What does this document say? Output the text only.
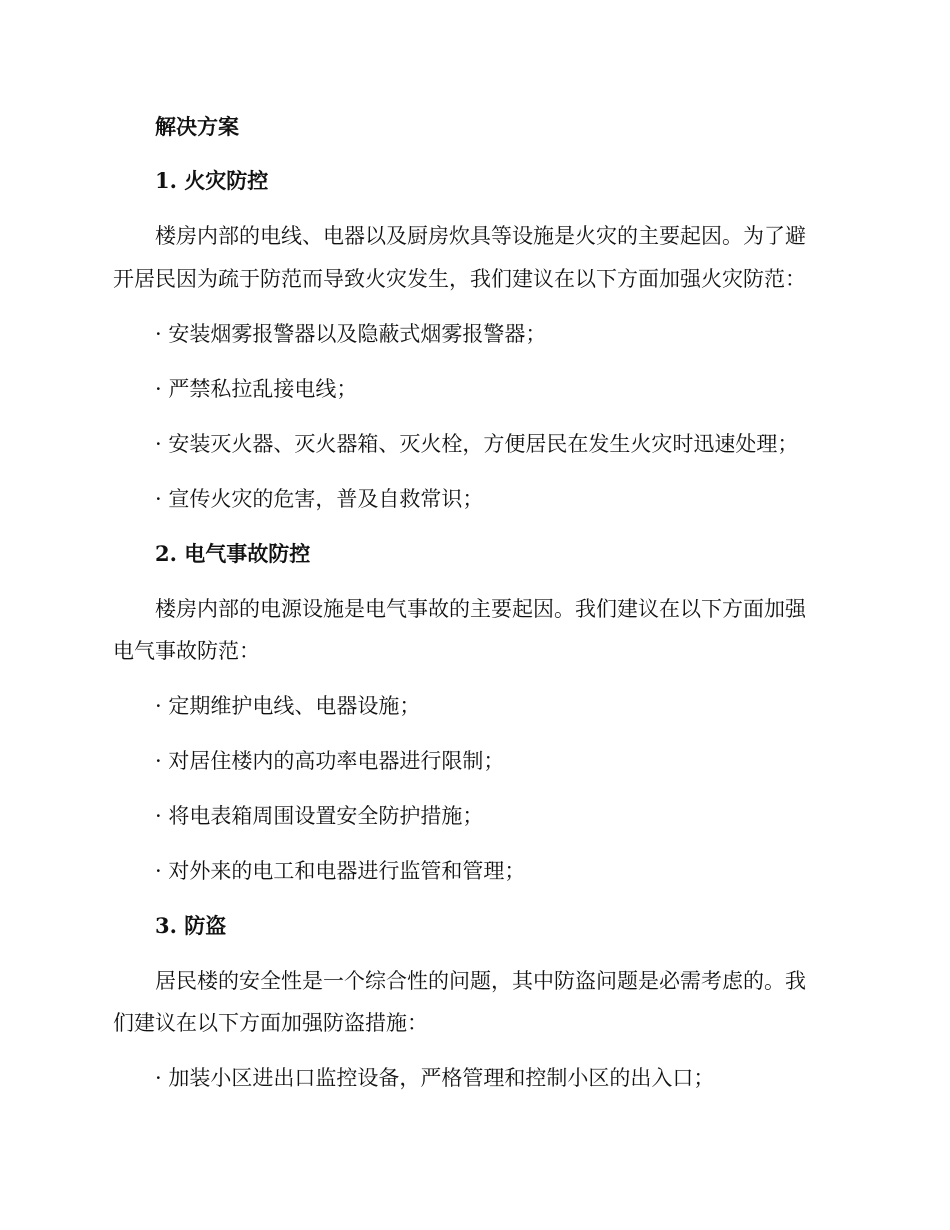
解决方案
1. 火灾防控
楼房内部的电线、电器以及厨房炊具等设施是火灾的主要起因。为了避
开居民因为疏于防范而导致火灾发生，我们建议在以下方面加强火灾防范：
· 安装烟雾报警器以及隐蔽式烟雾报警器；
· 严禁私拉乱接电线；
· 安装灭火器、灭火器箱、灭火栓，方便居民在发生火灾时迅速处理；
· 宣传火灾的危害，普及自救常识；
2. 电气事故防控
楼房内部的电源设施是电气事故的主要起因。我们建议在以下方面加强
电气事故防范：
· 定期维护电线、电器设施；
· 对居住楼内的高功率电器进行限制；
· 将电表箱周围设置安全防护措施；
· 对外来的电工和电器进行监管和管理；
3. 防盗
居民楼的安全性是一个综合性的问题，其中防盗问题是必需考虑的。我
们建议在以下方面加强防盗措施：
· 加装小区进出口监控设备，严格管理和控制小区的出入口；
